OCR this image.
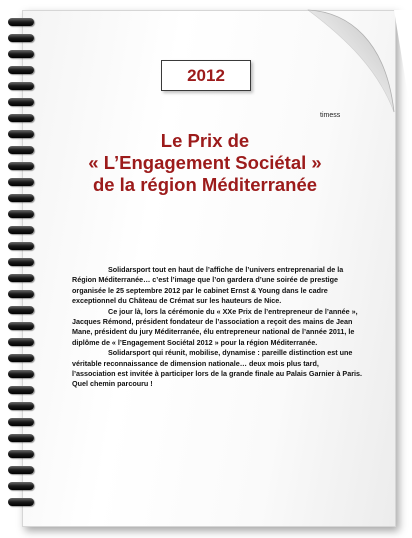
2012
timess
Le Prix de
« L’Engagement Sociétal »
de la région Méditerranée

Solidarsport tout en haut de l’affiche de l’univers entreprenarial de la Région Méditerranée… c’est l’image que l’on gardera d’une soirée de prestige organisée le 25 septembre 2012 par le cabinet Ernst & Young dans le cadre exceptionnel du Château de Crémat sur les hauteurs de Nice.

Ce jour là, lors la cérémonie du « XXe Prix de l’entrepreneur de l’année », Jacques Rémond, président fondateur de l’association a reçoit des mains de Jean Mane, président du jury Méditerranée, élu entrepreneur national de l’année 2011, le diplôme de « l’Engagement Sociétal 2012 » pour la région Méditerranée.

Solidarsport qui réunit, mobilise, dynamise : pareille distinction est une véritable reconnaissance de dimension nationale… deux mois plus tard, l’association est invitée à participer lors de la grande finale au Palais Garnier à Paris.

Quel chemin parcouru !
